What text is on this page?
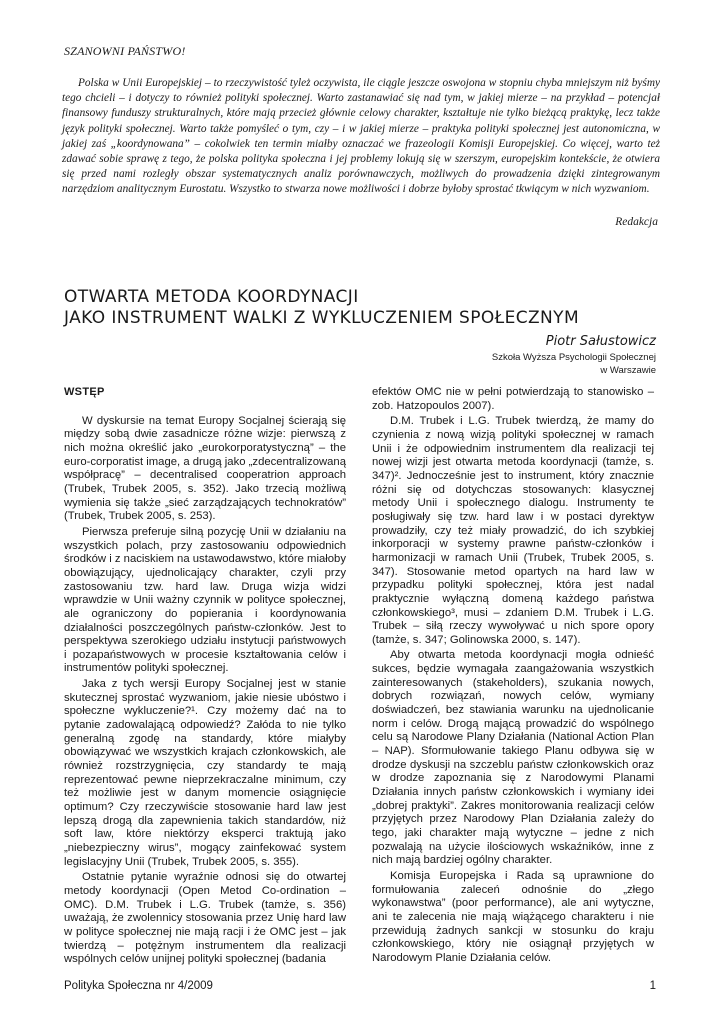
SZANOWNI PAŃSTWO!

Polska w Unii Europejskiej – to rzeczywistość tyleż oczywista, ile ciągle jeszcze oswojona w stopniu chyba mniejszym niż byśmy tego chcieli – i dotyczy to również polityki społecznej. Warto zastanawiać się nad tym, w jakiej mierze – na przykład – potencjał finansowy funduszy strukturalnych, które mają przecież głównie celowy charakter, kształtuje nie tylko bieżącą praktykę, lecz także język polityki społecznej. Warto także pomyśleć o tym, czy – i w jakiej mierze – praktyka polityki społecznej jest autonomiczna, w jakiej zaś „koordynowana” – cokolwiek ten termin miałby oznaczać we frazeologii Komisji Europejskiej. Co więcej, warto też zdawać sobie sprawę z tego, że polska polityka społeczna i jej problemy lokują się w szerszym, europejskim kontekście, że otwiera się przed nami rozległy obszar systematycznych analiz porównawczych, możliwych do prowadzenia dzięki zintegrowanym narzędziom analitycznym Eurostatu. Wszystko to stwarza nowe możliwości i dobrze byłoby sprostać tkwiącym w nich wyzwaniom.

Redakcja
OTWARTA METODA KOORDYNACJI
JAKO INSTRUMENT WALKI Z WYKLUCZENIEM SPOŁECZNYM
Piotr Sałustowicz
Szkoła Wyższa Psychologii Społecznej
w Warszawie
WSTĘP

W dyskursie na temat Europy Socjalnej ścierają się między sobą dwie zasadnicze różne wizje: pierwszą z nich można określić jako „eurokorporatystyczną” – the euro-corporatist image, a drugą jako „zdecentralizowaną współpracę” – decentralised cooperatrion approach (Trubek, Trubek 2005, s. 352). Jako trzecią możliwą wymienia się także „sieć zarządzających technokratów” (Trubek, Trubek 2005, s. 253).

Pierwsza preferuje silną pozycję Unii w działaniu na wszystkich polach, przy zastosowaniu odpowiednich środków i z naciskiem na ustawodawstwo, które miałoby obowiązujący, ujednolicający charakter, czyli przy zastosowaniu tzw. hard law. Druga wizja widzi wprawdzie w Unii ważny czynnik w polityce społecznej, ale ograniczony do popierania i koordynowania działalności poszczególnych państw-członków. Jest to perspektywa szerokiego udziału instytucji państwowych i pozapaństwowych w procesie kształtowania celów i instrumentów polityki społecznej.

Jaka z tych wersji Europy Socjalnej jest w stanie skutecznej sprostać wyzwaniom, jakie niesie ubóstwo i społeczne wykluczenie?¹. Czy możemy dać na to pytanie zadowalającą odpowiedź? Załóda to nie tylko generalną zgodę na standardy, które miałyby obowiązywać we wszystkich krajach członkowskich, ale również rozstrzygnięcia, czy standardy te mają reprezentować pewne nieprzekraczalne minimum, czy też możliwie jest w danym momencie osiągnięcie optimum? Czy rzeczywiście stosowanie hard law jest lepszą drogą dla zapewnienia takich standardów, niż soft law, które niektórzy eksperci traktują jako „niebezpieczny wirus”, mogący zainfekować system legislacyjny Unii (Trubek, Trubek 2005, s. 355).

Ostatnie pytanie wyraźnie odnosi się do otwartej metody koordynacji (Open Metod Co-ordination – OMC). D.M. Trubek i L.G. Trubek (tamże, s. 356) uważają, że zwolennicy stosowania przez Unię hard law w polityce społecznej nie mają racji i że OMC jest – jak twierdzą – potężnym instrumentem dla realizacji wspólnych celów unijnej polityki społecznej (badania

efektów OMC nie w pełni potwierdzają to stanowisko – zob. Hatzopoulos 2007).

D.M. Trubek i L.G. Trubek twierdzą, że mamy do czynienia z nową wizją polityki społecznej w ramach Unii i że odpowiednim instrumentem dla realizacji tej nowej wizji jest otwarta metoda koordynacji (tamże, s. 347)². Jednocześnie jest to instrument, który znacznie różni się od dotychczas stosowanych: klasycznej metody Unii i społecznego dialogu. Instrumenty te posługiwały się tzw. hard law i w postaci dyrektyw prowadziły, czy też miały prowadzić, do ich szybkiej inkorporacji w systemy prawne państw-członków i harmonizacji w ramach Unii (Trubek, Trubek 2005, s. 347). Stosowanie metod opartych na hard law w przypadku polityki społecznej, która jest nadal praktycznie wyłączną domeną każdego państwa członkowskiego³, musi – zdaniem D.M. Trubek i L.G. Trubek – siłą rzeczy wywoływać u nich spore opory (tamże, s. 347; Golinowska 2000, s. 147).

Aby otwarta metoda koordynacji mogła odnieść sukces, będzie wymagała zaangażowania wszystkich zainteresowanych (stakeholders), szukania nowych, dobrych rozwiązań, nowych celów, wymiany doświadczeń, bez stawiania warunku na ujednolicanie norm i celów. Drogą mającą prowadzić do wspólnego celu są Narodowe Plany Działania (National Action Plan – NAP). Sformułowanie takiego Planu odbywa się w drodze dyskusji na szczeblu państw członkowskich oraz w drodze zapoznania się z Narodowymi Planami Działania innych państw członkowskich i wymiany idei „dobrej praktyki”. Zakres monitorowania realizacji celów przyjętych przez Narodowy Plan Działania zależy do tego, jaki charakter mają wytyczne – jedne z nich pozwalają na użycie ilościowych wskaźników, inne z nich mają bardziej ogólny charakter.

Komisja Europejska i Rada są uprawnione do formułowania zaleceń odnośnie do „złego wykonawstwa” (poor performance), ale ani wytyczne, ani te zalecenia nie mają wiążącego charakteru i nie przewidują żadnych sankcji w stosunku do kraju członkowskiego, który nie osiągnął przyjętych w Narodowym Planie Działania celów.

Polityka Społeczna nr 4/2009	1
